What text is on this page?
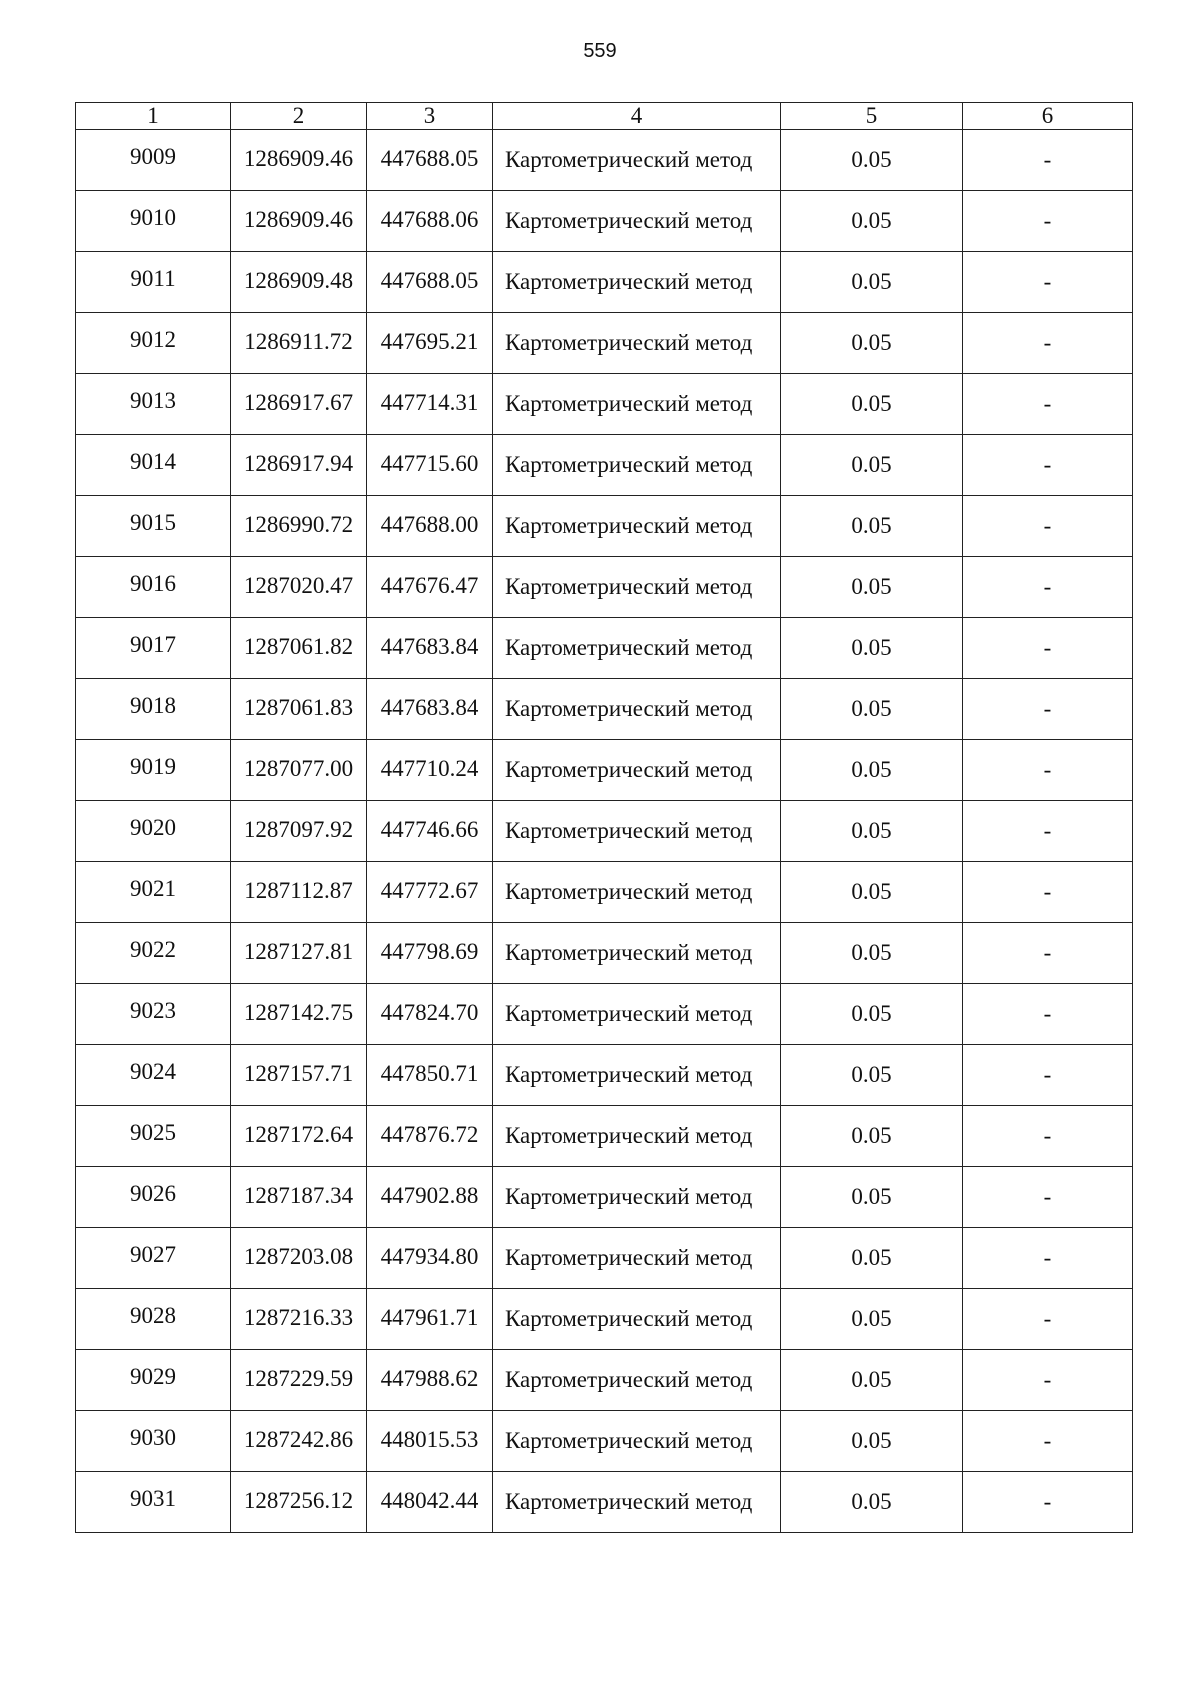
559
1	2	3	4	5	6
9009	1286909.46	447688.05	Картометрический метод	0.05	-
9010	1286909.46	447688.06	Картометрический метод	0.05	-
9011	1286909.48	447688.05	Картометрический метод	0.05	-
9012	1286911.72	447695.21	Картометрический метод	0.05	-
9013	1286917.67	447714.31	Картометрический метод	0.05	-
9014	1286917.94	447715.60	Картометрический метод	0.05	-
9015	1286990.72	447688.00	Картометрический метод	0.05	-
9016	1287020.47	447676.47	Картометрический метод	0.05	-
9017	1287061.82	447683.84	Картометрический метод	0.05	-
9018	1287061.83	447683.84	Картометрический метод	0.05	-
9019	1287077.00	447710.24	Картометрический метод	0.05	-
9020	1287097.92	447746.66	Картометрический метод	0.05	-
9021	1287112.87	447772.67	Картометрический метод	0.05	-
9022	1287127.81	447798.69	Картометрический метод	0.05	-
9023	1287142.75	447824.70	Картометрический метод	0.05	-
9024	1287157.71	447850.71	Картометрический метод	0.05	-
9025	1287172.64	447876.72	Картометрический метод	0.05	-
9026	1287187.34	447902.88	Картометрический метод	0.05	-
9027	1287203.08	447934.80	Картометрический метод	0.05	-
9028	1287216.33	447961.71	Картометрический метод	0.05	-
9029	1287229.59	447988.62	Картометрический метод	0.05	-
9030	1287242.86	448015.53	Картометрический метод	0.05	-
9031	1287256.12	448042.44	Картометрический метод	0.05	-
